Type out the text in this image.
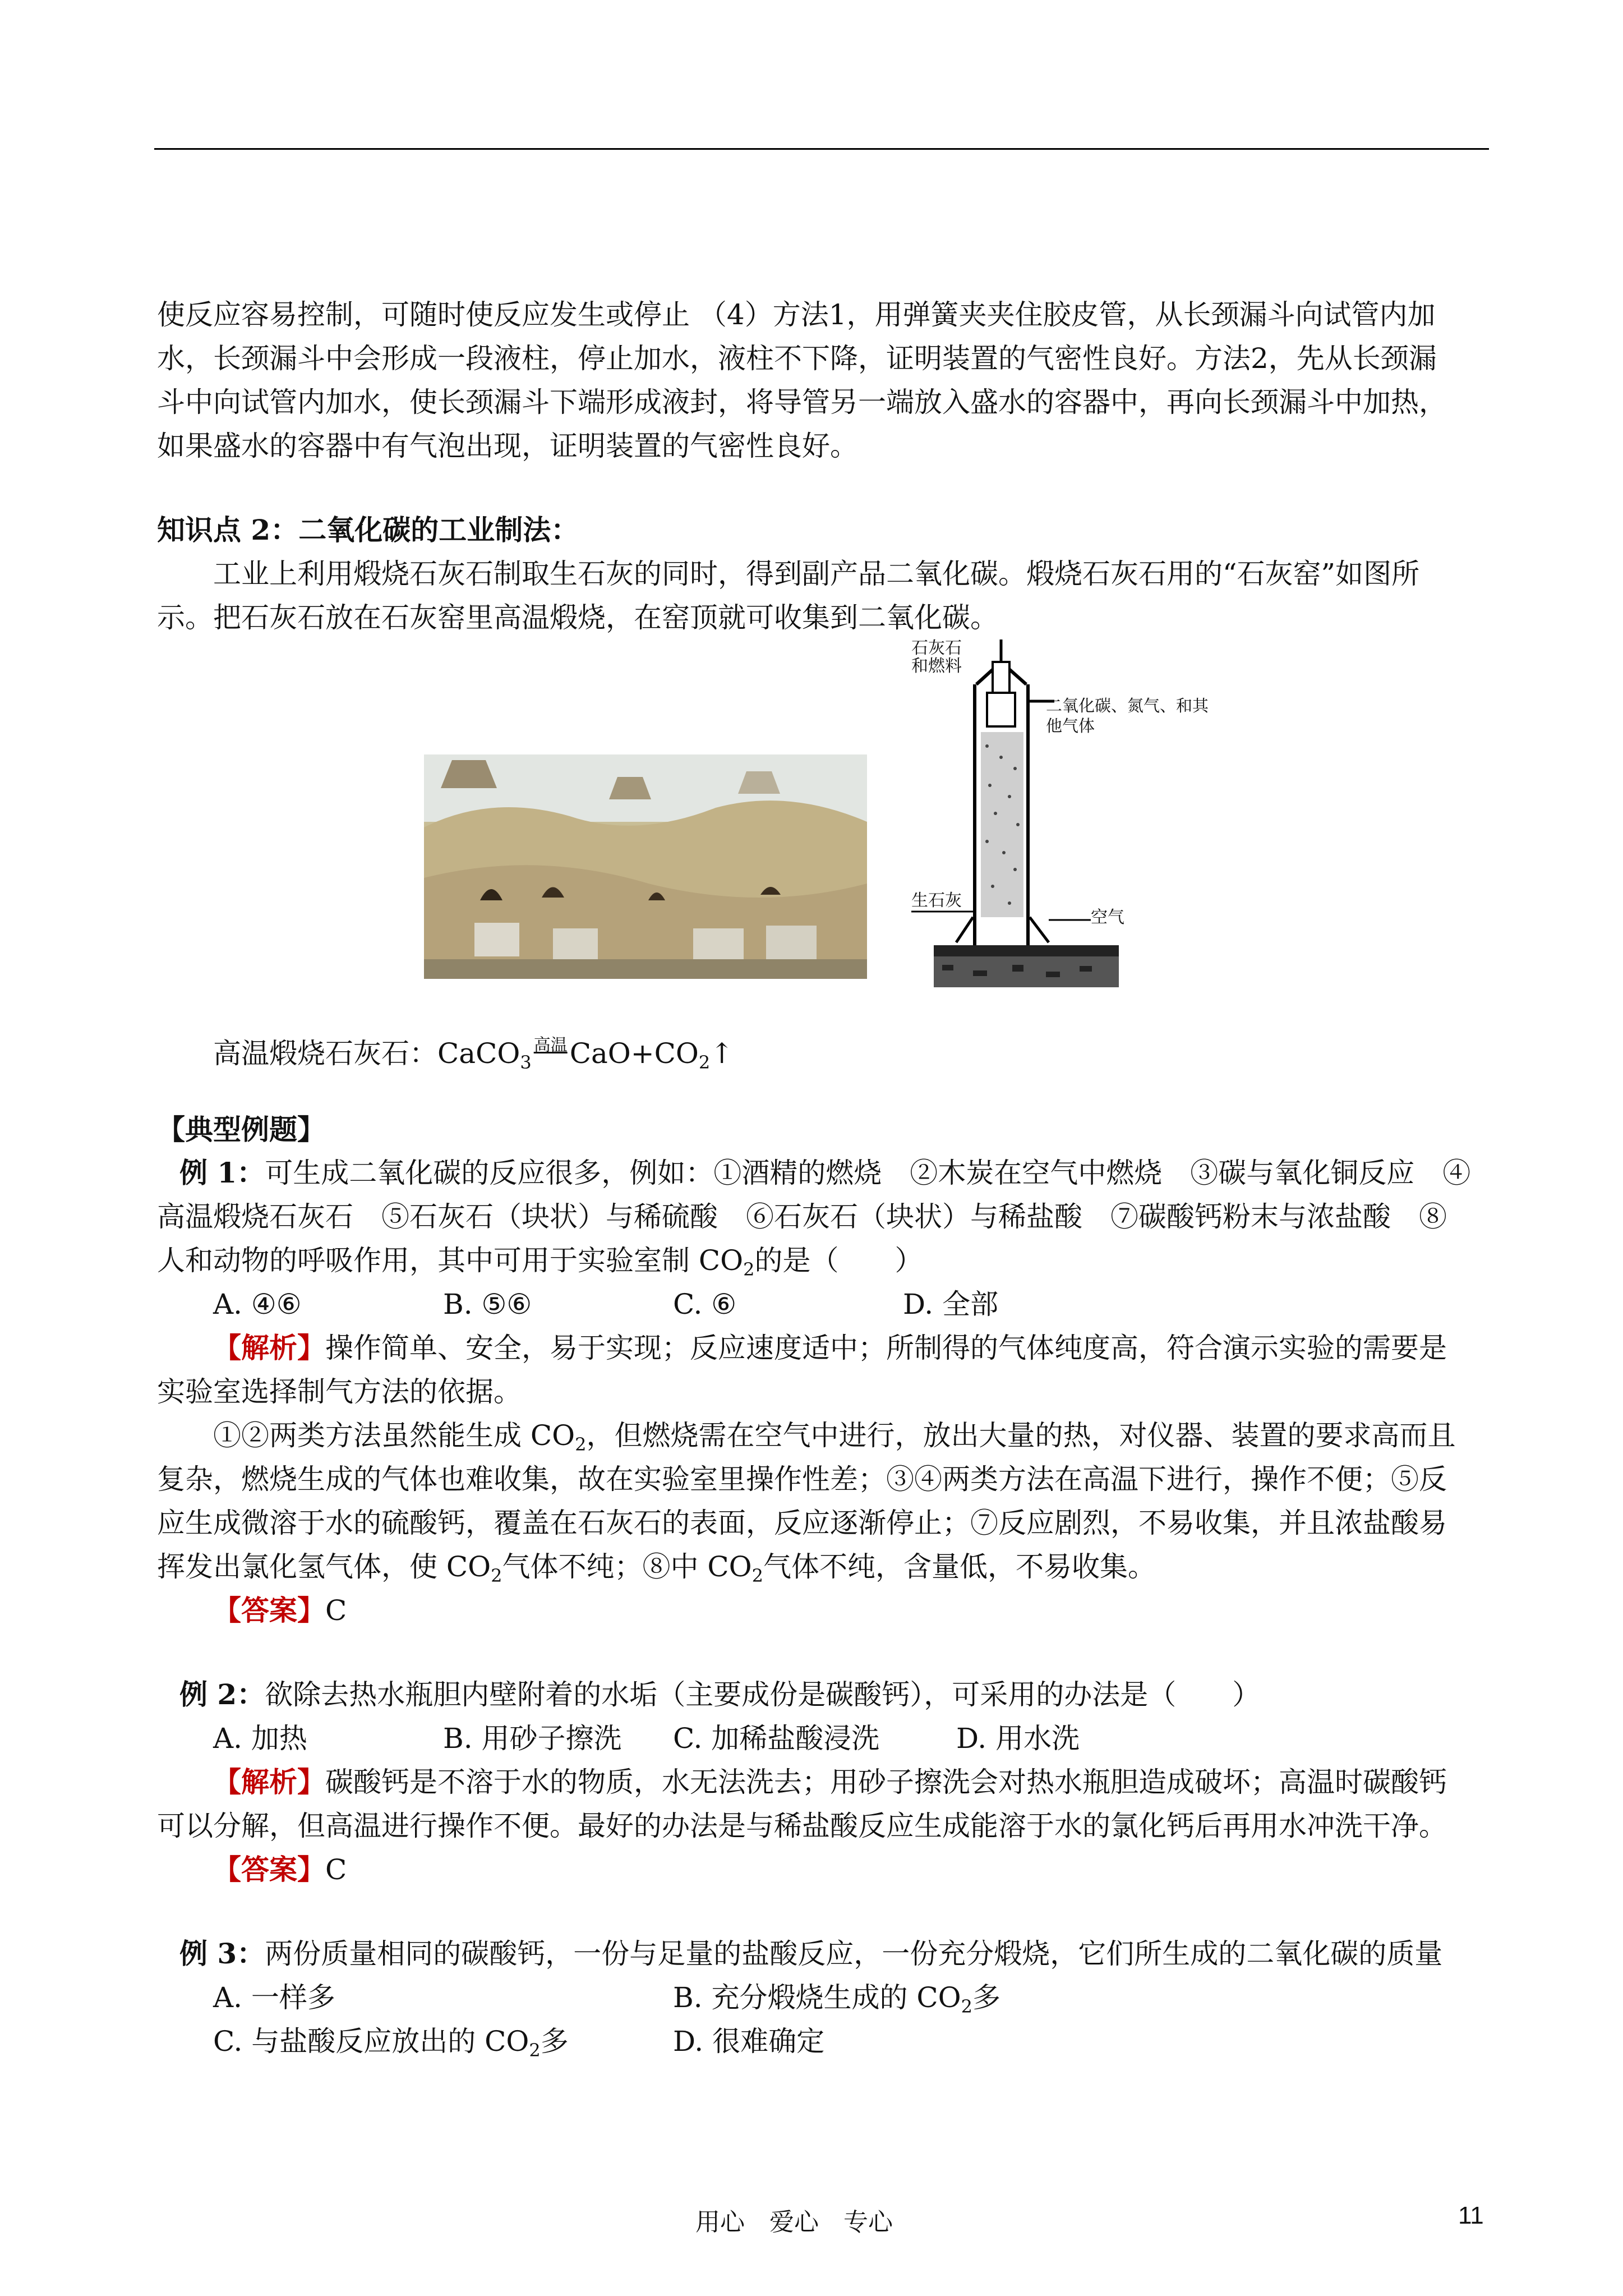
使反应容易控制，可随时使反应发生或停止 （4）方法1，用弹簧夹夹住胶皮管，从长颈漏斗向试管内加
水，长颈漏斗中会形成一段液柱，停止加水，液柱不下降，证明装置的气密性良好。方法2，先从长颈漏
斗中向试管内加水，使长颈漏斗下端形成液封，将导管另一端放入盛水的容器中，再向长颈漏斗中加热，
如果盛水的容器中有气泡出现，证明装置的气密性良好。
知识点 2：二氧化碳的工业制法：
工业上利用煅烧石灰石制取生石灰的同时，得到副产品二氧化碳。煅烧石灰石用的“石灰窑”如图所
示。把石灰石放在石灰窑里高温煅烧，在窑顶就可收集到二氧化碳。
石灰石和燃料
二氧化碳、氮气、和其他气体
生石灰
空气
高温煅烧石灰石：CaCO$_3$高温$CaO+CO_2↑$
【典型例题】
例 1：可生成二氧化碳的反应很多，例如：①酒精的燃烧　②木炭在空气中燃烧　③碳与氧化铜反应　④
高温煅烧石灰石　⑤石灰石（块状）与稀硫酸　⑥石灰石（块状）与稀盐酸　⑦碳酸钙粉末与浓盐酸　⑧
人和动物的呼吸作用，其中可用于实验室制 $CO_2$的是（　　）
A. ④⑥	B. ⑤⑥	C. ⑥	D. 全部
【解析】操作简单、安全，易于实现；反应速度适中；所制得的气体纯度高，符合演示实验的需要是
实验室选择制气方法的依据。
①②两类方法虽然能生成 $CO_2$，但燃烧需在空气中进行，放出大量的热，对仪器、装置的要求高而且
复杂，燃烧生成的气体也难收集，故在实验室里操作性差；③④两类方法在高温下进行，操作不便；⑤反
应生成微溶于水的硫酸钙，覆盖在石灰石的表面，反应逐渐停止；⑦反应剧烈，不易收集，并且浓盐酸易
挥发出氯化氢气体，使 $CO_2$气体不纯；⑧中 $CO_2$气体不纯，含量低，不易收集。
【答案】C
例 2：欲除去热水瓶胆内壁附着的水垢（主要成份是碳酸钙），可采用的办法是（　　）
A. 加热	B. 用砂子擦洗 C. 加稀盐酸浸洗	D. 用水洗
【解析】碳酸钙是不溶于水的物质，水无法洗去；用砂子擦洗会对热水瓶胆造成破坏；高温时碳酸钙
可以分解，但高温进行操作不便。最好的办法是与稀盐酸反应生成能溶于水的氯化钙后再用水冲洗干净。
【答案】C
例 3：两份质量相同的碳酸钙，一份与足量的盐酸反应，一份充分煅烧，它们所生成的二氧化碳的质量
A. 一样多	B. 充分煅烧生成的 $CO_2$多
C. 与盐酸反应放出的 $CO_2$多	D. 很难确定
用心　爱心　专心	11
